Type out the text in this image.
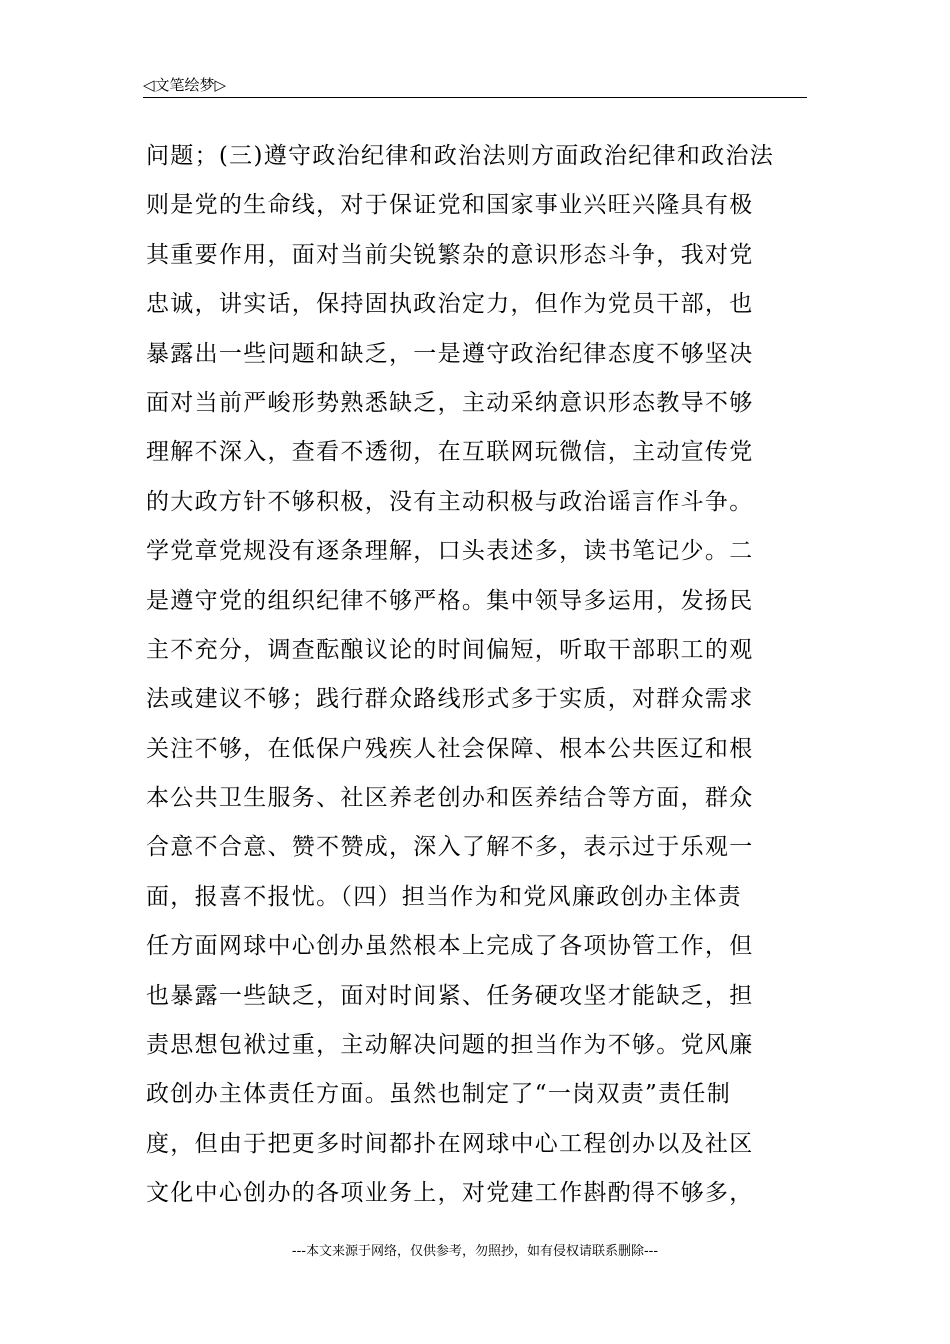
◁文笔绘梦▷
问题；(三)遵守政治纪律和政治法则方面政治纪律和政治法
则是党的生命线，对于保证党和国家事业兴旺兴隆具有极
其重要作用，面对当前尖锐繁杂的意识形态斗争，我对党
忠诚，讲实话，保持固执政治定力，但作为党员干部，也
暴露出一些问题和缺乏，一是遵守政治纪律态度不够坚决
面对当前严峻形势熟悉缺乏，主动采纳意识形态教导不够
理解不深入，查看不透彻，在互联网玩微信，主动宣传党
的大政方针不够积极，没有主动积极与政治谣言作斗争。
学党章党规没有逐条理解，口头表述多，读书笔记少。二
是遵守党的组织纪律不够严格。集中领导多运用，发扬民
主不充分，调查酝酿议论的时间偏短，听取干部职工的观
法或建议不够；践行群众路线形式多于实质，对群众需求
关注不够，在低保户残疾人社会保障、根本公共医辽和根
本公共卫生服务、社区养老创办和医养结合等方面，群众
合意不合意、赞不赞成，深入了解不多，表示过于乐观一
面，报喜不报忧。（四）担当作为和党风廉政创办主体责
任方面网球中心创办虽然根本上完成了各项协管工作，但
也暴露一些缺乏，面对时间紧、任务硬攻坚才能缺乏，担
责思想包袱过重，主动解决问题的担当作为不够。党风廉
政创办主体责任方面。虽然也制定了“一岗双责”责任制
度，但由于把更多时间都扑在网球中心工程创办以及社区
文化中心创办的各项业务上，对党建工作斟酌得不够多，
---本文来源于网络，仅供参考，勿照抄，如有侵权请联系删除---
